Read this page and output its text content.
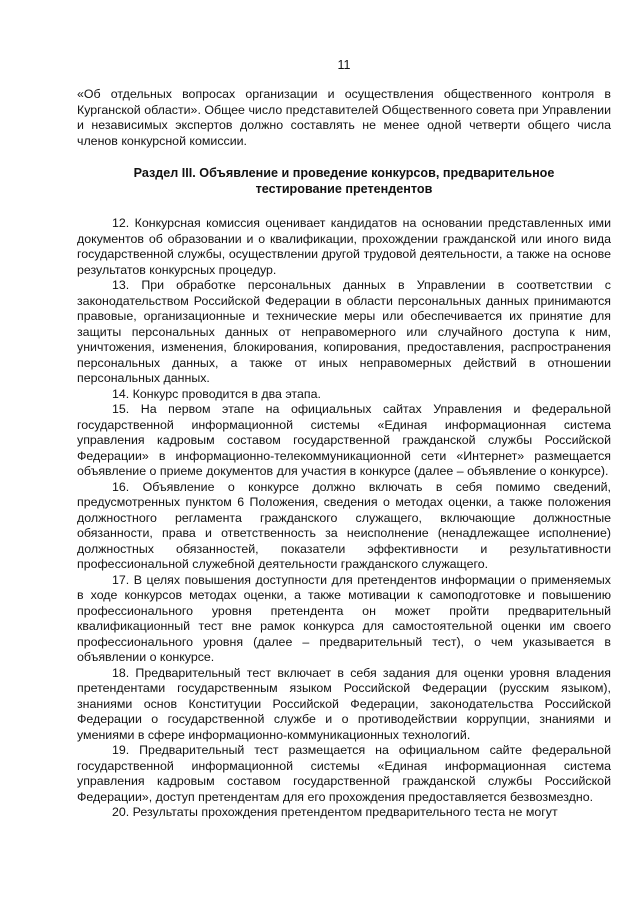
11

«Об отдельных вопросах организации и осуществления общественного контроля в Курганской области». Общее число представителей Общественного совета при Управлении и независимых экспертов должно составлять не менее одной четверти общего числа членов конкурсной комиссии.

Раздел III. Объявление и проведение конкурсов, предварительное
тестирование претендентов

12. Конкурсная комиссия оценивает кандидатов на основании представленных ими документов об образовании и о квалификации, прохождении гражданской или иного вида государственной службы, осуществлении другой трудовой деятельности, а также на основе результатов конкурсных процедур.

13. При обработке персональных данных в Управлении в соответствии с законодательством Российской Федерации в области персональных данных принимаются правовые, организационные и технические меры или обеспечивается их принятие для защиты персональных данных от неправомерного или случайного доступа к ним, уничтожения, изменения, блокирования, копирования, предоставления, распространения персональных данных, а также от иных неправомерных действий в отношении персональных данных.

14. Конкурс проводится в два этапа.

15. На первом этапе на официальных сайтах Управления и федеральной государственной информационной системы «Единая информационная система управления кадровым составом государственной гражданской службы Российской Федерации» в информационно-телекоммуникационной сети «Интернет» размещается объявление о приеме документов для участия в конкурсе (далее – объявление о конкурсе).

16. Объявление о конкурсе должно включать в себя помимо сведений, предусмотренных пунктом 6 Положения, сведения о методах оценки, а также положения должностного регламента гражданского служащего, включающие должностные обязанности, права и ответственность за неисполнение (ненадлежащее исполнение) должностных обязанностей, показатели эффективности и результативности профессиональной служебной деятельности гражданского служащего.

17. В целях повышения доступности для претендентов информации о применяемых в ходе конкурсов методах оценки, а также мотивации к самоподготовке и повышению профессионального уровня претендента он может пройти предварительный квалификационный тест вне рамок конкурса для самостоятельной оценки им своего профессионального уровня (далее – предварительный тест), о чем указывается в объявлении о конкурсе.

18. Предварительный тест включает в себя задания для оценки уровня владения претендентами государственным языком Российской Федерации (русским языком), знаниями основ Конституции Российской Федерации, законодательства Российской Федерации о государственной службе и о противодействии коррупции, знаниями и умениями в сфере информационно-коммуникационных технологий.

19. Предварительный тест размещается на официальном сайте федеральной государственной информационной системы «Единая информационная система управления кадровым составом государственной гражданской службы Российской Федерации», доступ претендентам для его прохождения предоставляется безвозмездно.

20. Результаты прохождения претендентом предварительного теста не могут
